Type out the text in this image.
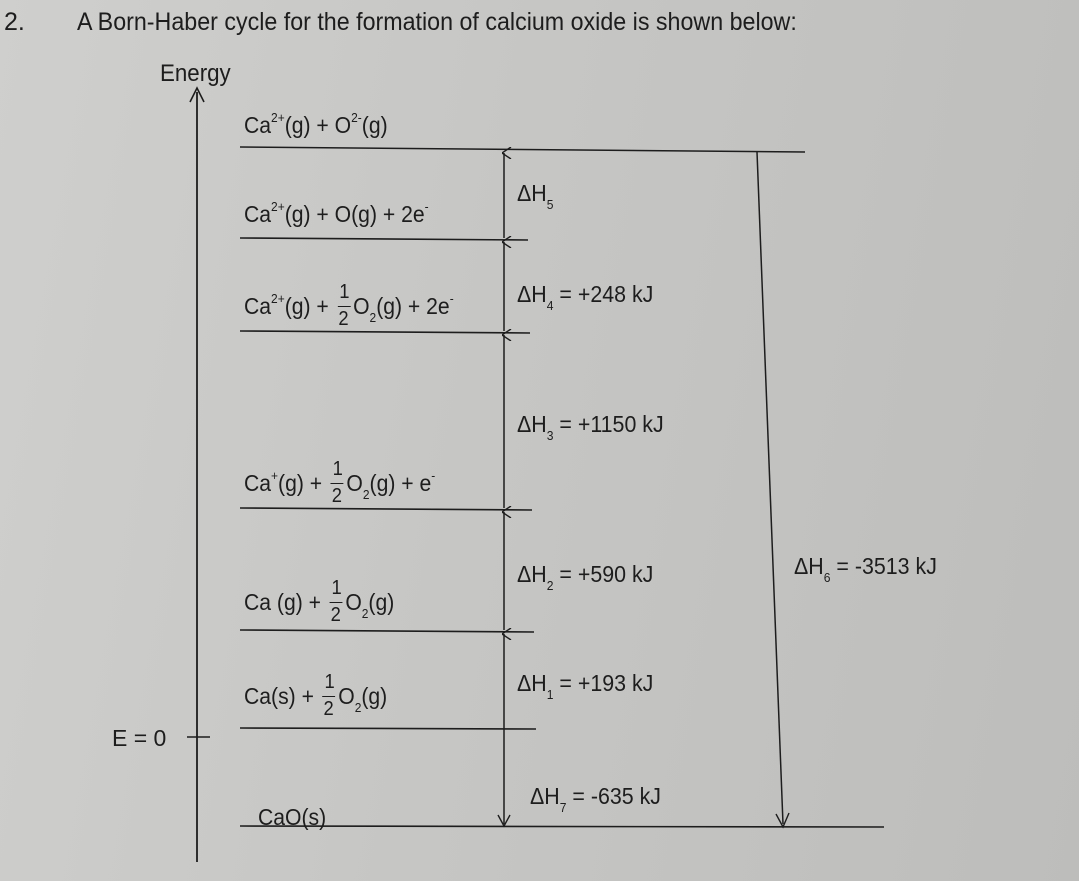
2. A Born-Haber cycle for the formation of calcium oxide is shown below:
Energy
E = 0
$Ca^{2+}(g) + O^{2-}(g)$
$Ca^{2+}(g) + O(g) + 2e^-$
$Ca^{2+}(g) + \frac{1}{2} O_2(g) + 2e^-$
$Ca^+(g) + \frac{1}{2} O_2(g) + e^-$
Ca $(g) + \frac{1}{2} O_2(g)$
$Ca(s) + \frac{1}{2} O_2(g)$
CaO(s)
$\Delta H_5$
$\Delta H_4 = +248$ kJ
$\Delta H_3 = +1150$ kJ
$\Delta H_2 = +590$ kJ	$\Delta H_6 = -3513$ kJ
$\Delta H_1 = +193$ kJ
$\Delta H_7 = -635$ kJ
